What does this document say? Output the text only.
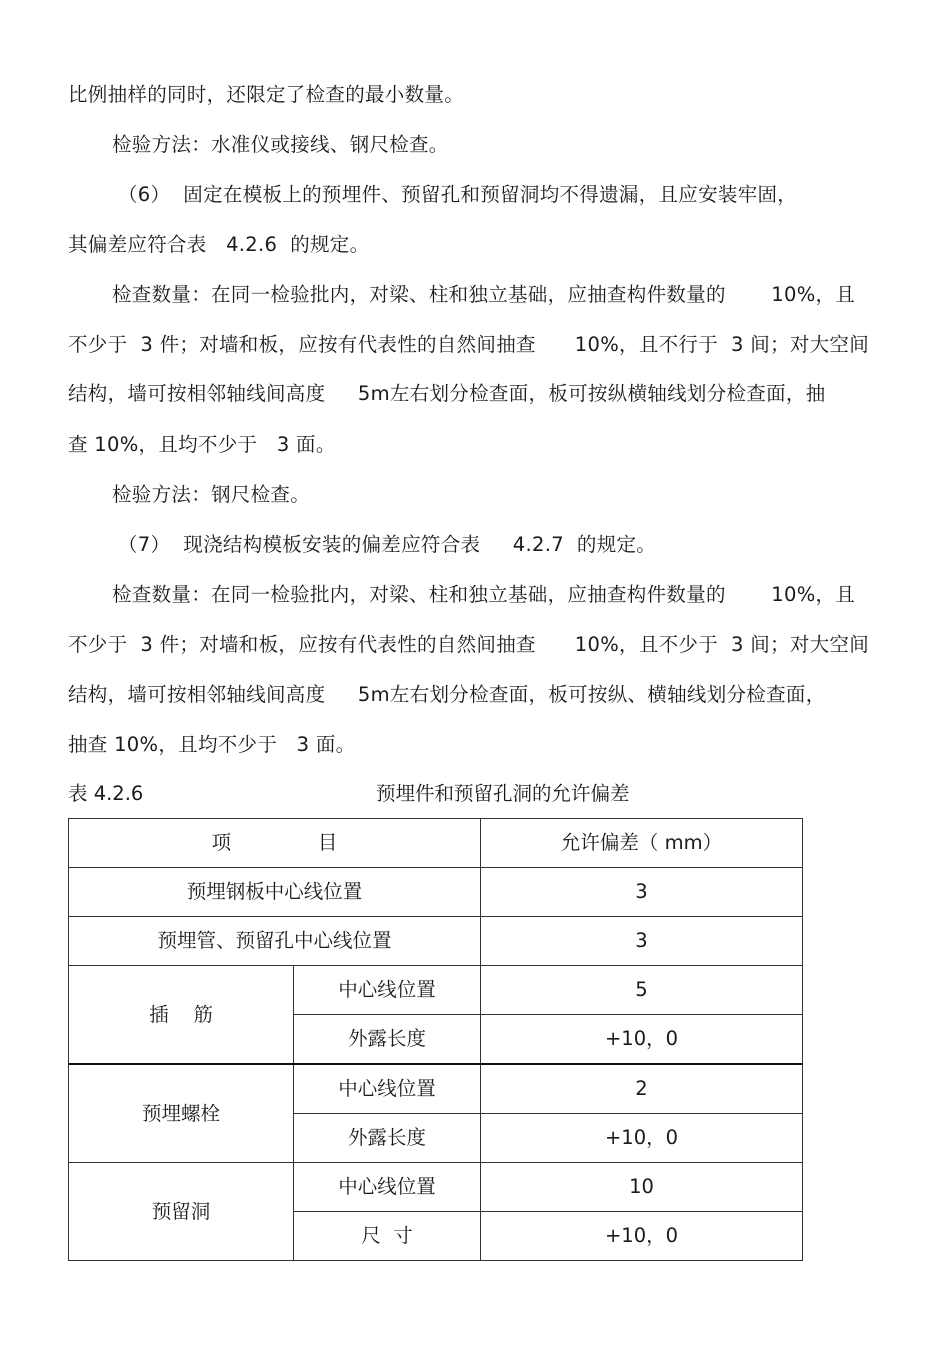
比例抽样的同时，还限定了检查的最小数量。
检验方法：水准仪或接线、钢尺检查。
（6）  固定在模板上的预埋件、预留孔和预留洞均不得遗漏，且应安装牢固，
其偏差应符合表   4.2.6  的规定。
检查数量：在同一检验批内，对梁、柱和独立基础，应抽查构件数量的       10%，且
不少于  3 件；对墙和板，应按有代表性的自然间抽查      10%，且不行于  3 间；对大空间
结构，墙可按相邻轴线间高度     5m左右划分检查面，板可按纵横轴线划分检查面，抽
查 10%，且均不少于   3 面。
检验方法：钢尺检查。
（7）  现浇结构模板安装的偏差应符合表     4.2.7  的规定。
检查数量：在同一检验批内，对梁、柱和独立基础，应抽查构件数量的       10%，且
不少于  3 件；对墙和板，应按有代表性的自然间抽查      10%，且不少于  3 间；对大空间
结构，墙可按相邻轴线间高度     5m左右划分检查面，板可按纵、横轴线划分检查面，
抽查 10%，且均不少于   3 面。
表 4.2.6	预埋件和预留孔洞的允许偏差
项              目		允许偏差（ mm）
预埋钢板中心线位置		3
预埋管、预留孔中心线位置		3
插    筋	中心线位置	5
	外露长度	+10，0
预埋螺栓	中心线位置	2
	外露长度	+10，0
预留洞	中心线位置	10
	尺  寸	+10，0
